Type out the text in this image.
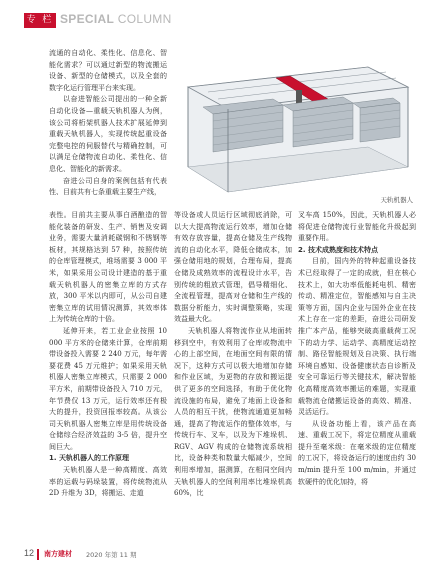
专 栏 SPECIAL COLUMN

流通的自动化、柔性化、信息化、智能化需求？可以通过新型的物流搬运设备、新型的仓储模式，以及全套的数字化运行管理平台来实现。

以奋进智能公司提出的一种全新自动化设备—重载天轨机器人为例，该公司将桁架机器人技术扩展延伸到重载天轨机器人，实现传统起重设备完整电控的伺服替代与精确控制，可以满足仓储物流自动化、柔性化、信息化、智能化的新需求。

奋进公司自身的案例包括有代表性、目前共有七条重载主要生产线，

天轨机器人

表性。目前共主要从事白酒酿造的智能化装备的研发、生产、销售及安调业务，需要大量消耗碳钢和不锈钢等板材，其规格达到 57 种，按照传统的仓库管理模式，堆场需要 3 000 平米，如果采用公司设计建造的基于重载天轨机器人的密集立库的方式存放，300 平米以内即可，从公司自建密集立库的试用情况测算，其效率体上为传统仓库的十倍。

延伸开来，若工业企业按照 10 000 平方米的仓储来计算，仓库前期带设备投入需要 2 240 万元，每年需要花费 45 万元维护；如果采用天轨机器人密集立库模式，只需要 2 000 平方米，前期带设备投入 710 万元，年节费仅 13 万元，运行效率还有极大的提升，投资回报率较高。从该公司天轨机器人密集立库是用传统设备仓储综合经济效益的 3-5 倍，提升空间巨大。

1. 天轨机器人的工作原理

天轨机器人是一种高精度、高效率的运载与码垛装置，将传统物流从 2D 升维为 3D，将搬运、走道

等设备或人员运行区域彻底消除，可以大大提高物流运行效率，增加仓储有效存放容量，提高仓储及生产线物流的自动化水平，降低仓储成本，加强仓储用地的规划，合理布局，提高仓储及成熟效率的流程设计水平，告别传统的粗放式管理，倡导精细化、全流程管理，提高对仓储和生产线的数据分析能力，实时调整策略，实现效益最大化。

天轨机器人将物流作业从地面转移到空中，有效利用了仓库或物流中心的上部空间，在地面空间有限的情况下，这种方式可以极大地增加存储和作业区域，为更物的存放和搬运提供了更多的空间选择，有助于优化物流设施的布局，避免了地面上设备和人员的相互干扰，使物流通道更加畅通，提高了物流运作的整体效率，与传统行车、叉车，以及为下堆垛机、RGV、AGV 构成的仓储物流系统相比，设备种类和数量大幅减少，空间利用率增加，据测算，在相同空间内天轨机器人的空间利用率比堆垛机高 60%，比

叉车高 150%，因此，天轨机器人必将促进仓储物流行业智能化升级起到重要作用。

2. 技术成熟度和技术特点

目前，国内外的特种起重设备技术已经取得了一定的成就，但在核心技术上，如大功率低能耗电机、精密传动、精准定位，智能感知与自主决策等方面，国内企业与国外企业在技术上存在一定的差距，奋进公司研发推广本产品，能够突破高重载荷工况下的动力学、运动学、高精度运动控制、路径智能规划及自决策、执行端环境自感知、设备健康状态自诊断及安全可靠运行等关键技术，解决智能化高精度高效率搬运的难题，实现重载物流仓储搬运设备的高效、精准、灵活运行。

从设备功能上看，该产品在高速、重载工况下，将定位精度从重载提升至毫米级：在毫米级的定位精度的工况下，将设备运行的速度由约 30 m/min 提升至 100 m/min，并通过软硬件的优化加持，将

12 南方建材 2020 年第 11 期
